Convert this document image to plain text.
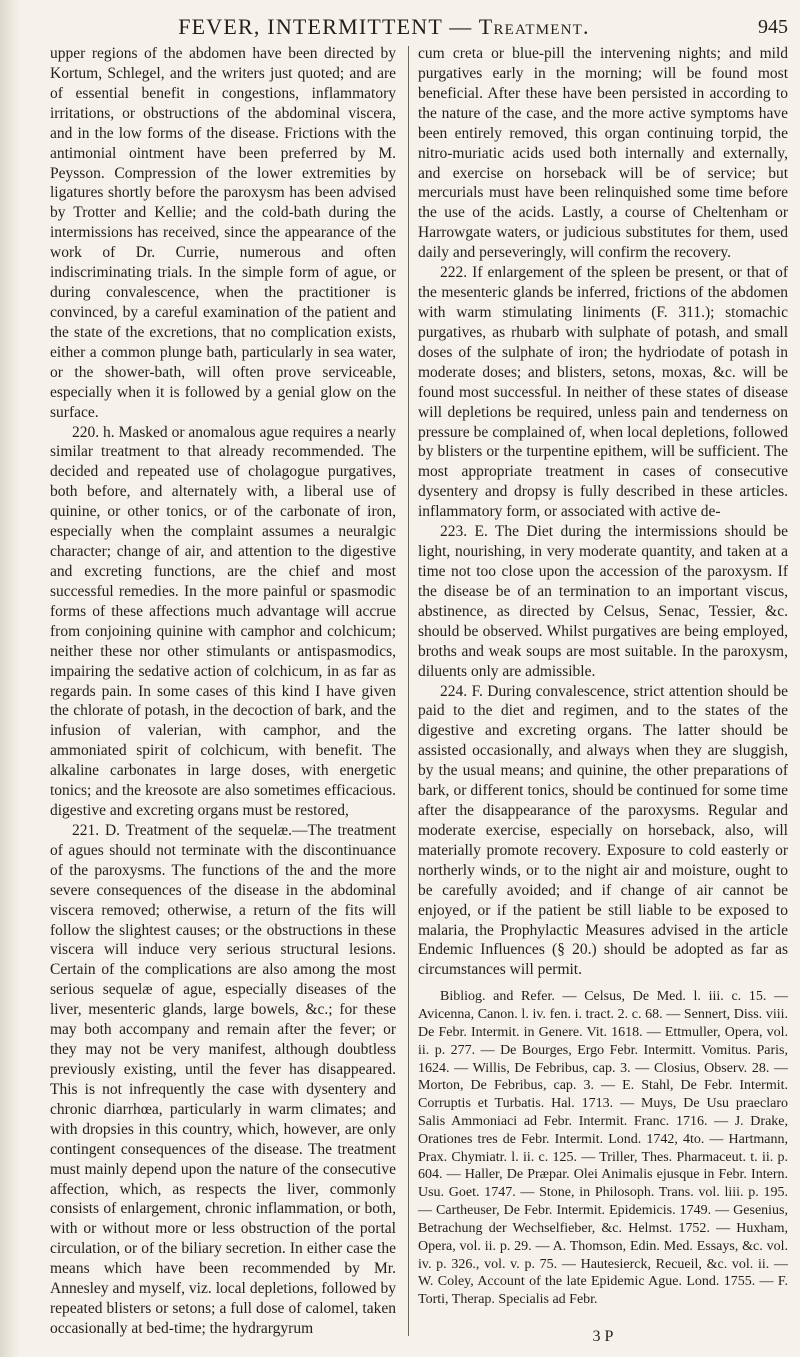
FEVER, INTERMITTENT — Treatment.	945

upper regions of the abdomen have been directed by Kortum, Schlegel, and the writers just quoted; and are of essential benefit in congestions, inflammatory irritations, or obstructions of the abdominal viscera, and in the low forms of the disease. Frictions with the antimonial ointment have been preferred by M. Peysson. Compression of the lower extremities by ligatures shortly before the paroxysm has been advised by Trotter and Kellie; and the cold-bath during the intermissions has received, since the appearance of the work of Dr. Currie, numerous and often indiscriminating trials. In the simple form of ague, or during convalescence, when the practitioner is convinced, by a careful examination of the patient and the state of the excretions, that no complication exists, either a common plunge bath, particularly in sea water, or the shower-bath, will often prove serviceable, especially when it is followed by a genial glow on the surface.

220. h. Masked or anomalous ague requires a nearly similar treatment to that already recommended. The decided and repeated use of cholagogue purgatives, both before, and alternately with, a liberal use of quinine, or other tonics, or of the carbonate of iron, especially when the complaint assumes a neuralgic character; change of air, and attention to the digestive and excreting functions, are the chief and most successful remedies. In the more painful or spasmodic forms of these affections much advantage will accrue from conjoining quinine with camphor and colchicum; neither these nor other stimulants or antispasmodics, impairing the sedative action of colchicum, in as far as regards pain. In some cases of this kind I have given the chlorate of potash, in the decoction of bark, and the infusion of valerian, with camphor, and the ammoniated spirit of colchicum, with benefit. The alkaline carbonates in large doses, with energetic tonics; and the kreosote are also sometimes efficacious. digestive and excreting organs must be restored,

221. D. Treatment of the sequelæ.—The treatment of agues should not terminate with the discontinuance of the paroxysms. The functions of the and the more severe consequences of the disease in the abdominal viscera removed; otherwise, a return of the fits will follow the slightest causes; or the obstructions in these viscera will induce very serious structural lesions. Certain of the complications are also among the most serious sequelæ of ague, especially diseases of the liver, mesenteric glands, large bowels, &c.; for these may both accompany and remain after the fever; or they may not be very manifest, although doubtless previously existing, until the fever has disappeared. This is not infrequently the case with dysentery and chronic diarrhœa, particularly in warm climates; and with dropsies in this country, which, however, are only contingent consequences of the disease. The treatment must mainly depend upon the nature of the consecutive affection, which, as respects the liver, commonly consists of enlargement, chronic inflammation, or both, with or without more or less obstruction of the portal circulation, or of the biliary secretion. In either case the means which have been recommended by Mr. Annesley and myself, viz. local depletions, followed by repeated blisters or setons; a full dose of calomel, taken occasionally at bed-time; the hydrargyrum

cum creta or blue-pill the intervening nights; and mild purgatives early in the morning; will be found most beneficial. After these have been persisted in according to the nature of the case, and the more active symptoms have been entirely removed, this organ continuing torpid, the nitro-muriatic acids used both internally and externally, and exercise on horseback will be of service; but mercurials must have been relinquished some time before the use of the acids. Lastly, a course of Cheltenham or Harrowgate waters, or judicious substitutes for them, used daily and perseveringly, will confirm the recovery.

222. If enlargement of the spleen be present, or that of the mesenteric glands be inferred, frictions of the abdomen with warm stimulating liniments (F. 311.); stomachic purgatives, as rhubarb with sulphate of potash, and small doses of the sulphate of iron; the hydriodate of potash in moderate doses; and blisters, setons, moxas, &c. will be found most successful. In neither of these states of disease will depletions be required, unless pain and tenderness on pressure be complained of, when local depletions, followed by blisters or the turpentine epithem, will be sufficient. The most appropriate treatment in cases of consecutive dysentery and dropsy is fully described in these articles. inflammatory form, or associated with active de-

223. E. The Diet during the intermissions should be light, nourishing, in very moderate quantity, and taken at a time not too close upon the accession of the paroxysm. If the disease be of an termination to an important viscus, abstinence, as directed by Celsus, Senac, Tessier, &c. should be observed. Whilst purgatives are being employed, broths and weak soups are most suitable. In the paroxysm, diluents only are admissible.

224. F. During convalescence, strict attention should be paid to the diet and regimen, and to the states of the digestive and excreting organs. The latter should be assisted occasionally, and always when they are sluggish, by the usual means; and quinine, the other preparations of bark, or different tonics, should be continued for some time after the disappearance of the paroxysms. Regular and moderate exercise, especially on horseback, also, will materially promote recovery. Exposure to cold easterly or northerly winds, or to the night air and moisture, ought to be carefully avoided; and if change of air cannot be enjoyed, or if the patient be still liable to be exposed to malaria, the Prophylactic Measures advised in the article Endemic Influences (§ 20.) should be adopted as far as circumstances will permit.

Bibliog. and Refer. — Celsus, De Med. l. iii. c. 15. — Avicenna, Canon. l. iv. fen. i. tract. 2. c. 68. — Sennert, Diss. viii. De Febr. Intermit. in Genere. Vit. 1618. — Ettmuller, Opera, vol. ii. p. 277. — De Bourges, Ergo Febr. Intermitt. Vomitus. Paris, 1624. — Willis, De Febribus, cap. 3. — Closius, Observ. 28. — Morton, De Febribus, cap. 3. — E. Stahl, De Febr. Intermit. Corruptis et Turbatis. Hal. 1713. — Muys, De Usu praeclaro Salis Ammoniaci ad Febr. Intermit. Franc. 1716. — J. Drake, Orationes tres de Febr. Intermit. Lond. 1742, 4to. — Hartmann, Prax. Chymiatr. l. ii. c. 125. — Triller, Thes. Pharmaceut. t. ii. p. 604. — Haller, De Præpar. Olei Animalis ejusque in Febr. Intern. Usu. Goet. 1747. — Stone, in Philosoph. Trans. vol. liii. p. 195. — Cartheuser, De Febr. Intermit. Epidemicis. 1749. — Gesenius, Betrachung der Wechselfieber, &c. Helmst. 1752. — Huxham, Opera, vol. ii. p. 29. — A. Thomson, Edin. Med. Essays, &c. vol. iv. p. 326., vol. v. p. 75. — Hautesierck, Recueil, &c. vol. ii. — W. Coley, Account of the late Epidemic Ague. Lond. 1755. — F. Torti, Therap. Specialis ad Febr.

3 P
